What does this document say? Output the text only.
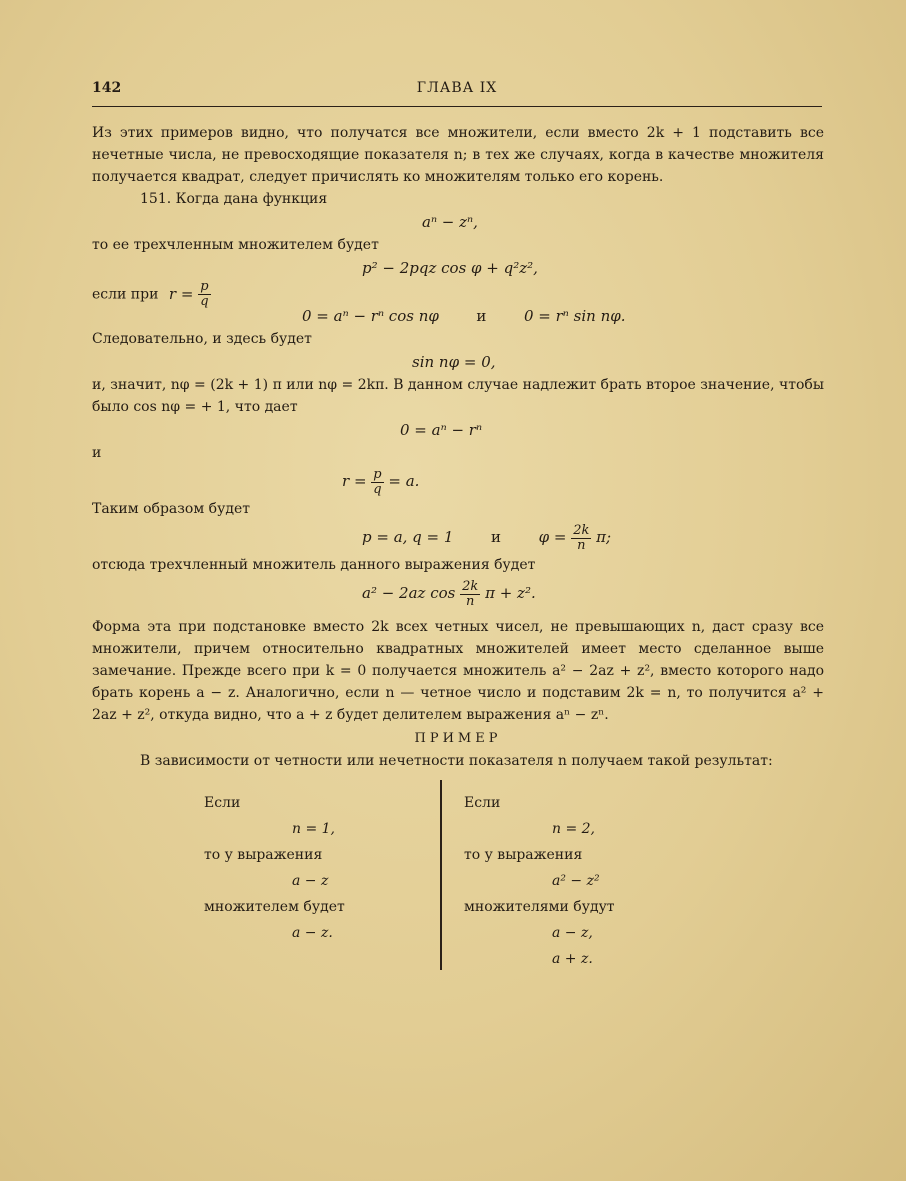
142	ГЛАВА IX

Из этих примеров видно, что получатся все множители, если вместо 2k + 1 подставить все нечетные числа, не превосходящие показателя n; в тех же случаях, когда в качестве множителя получается квадрат, следует причислять ко множителям только его корень.

151. Когда дана функция

aⁿ − zⁿ,

то ее трехчленным множителем будет

p² − 2pqz cos φ + q²z²,
если при $r = \frac{p}{q}$
0 = aⁿ − rⁿ cos nφ	и	0 = rⁿ sin nφ.

Следовательно, и здесь будет

sin nφ = 0,

и, значит, nφ = (2k + 1) π или nφ = 2kπ. В данном случае надлежит брать второе значение, чтобы было cos nφ = + 1, что дает

0 = aⁿ − rⁿ

и

$r = \frac{p}{q} = a$.

Таким образом будет

p = a, q = 1	и	$\varphi = \frac{2k}{n} \pi$;

отсюда трехчленный множитель данного выражения будет

a² − 2az $\cos \frac{2k}{n}$ π + z².

Форма эта при подстановке вместо 2k всех четных чисел, не превышающих n, даст сразу все множители, причем относительно квадратных множителей имеет место сделанное выше замечание. Прежде всего при k = 0 получается множитель a² − 2az + z², вместо которого надо брать корень a − z. Аналогично, если n — четное число и подставим 2k = n, то получится a² + 2az + z², откуда видно, что a + z будет делителем выражения aⁿ − zⁿ.

ПРИМЕР

В зависимости от четности или нечетности показателя n получаем такой результат:

Если
n = 1,
то у выражения
a − z
множителем будет
a − z.
Если
n = 2,
то у выражения
a² − z²
множителями будут
a − z,
a + z.
